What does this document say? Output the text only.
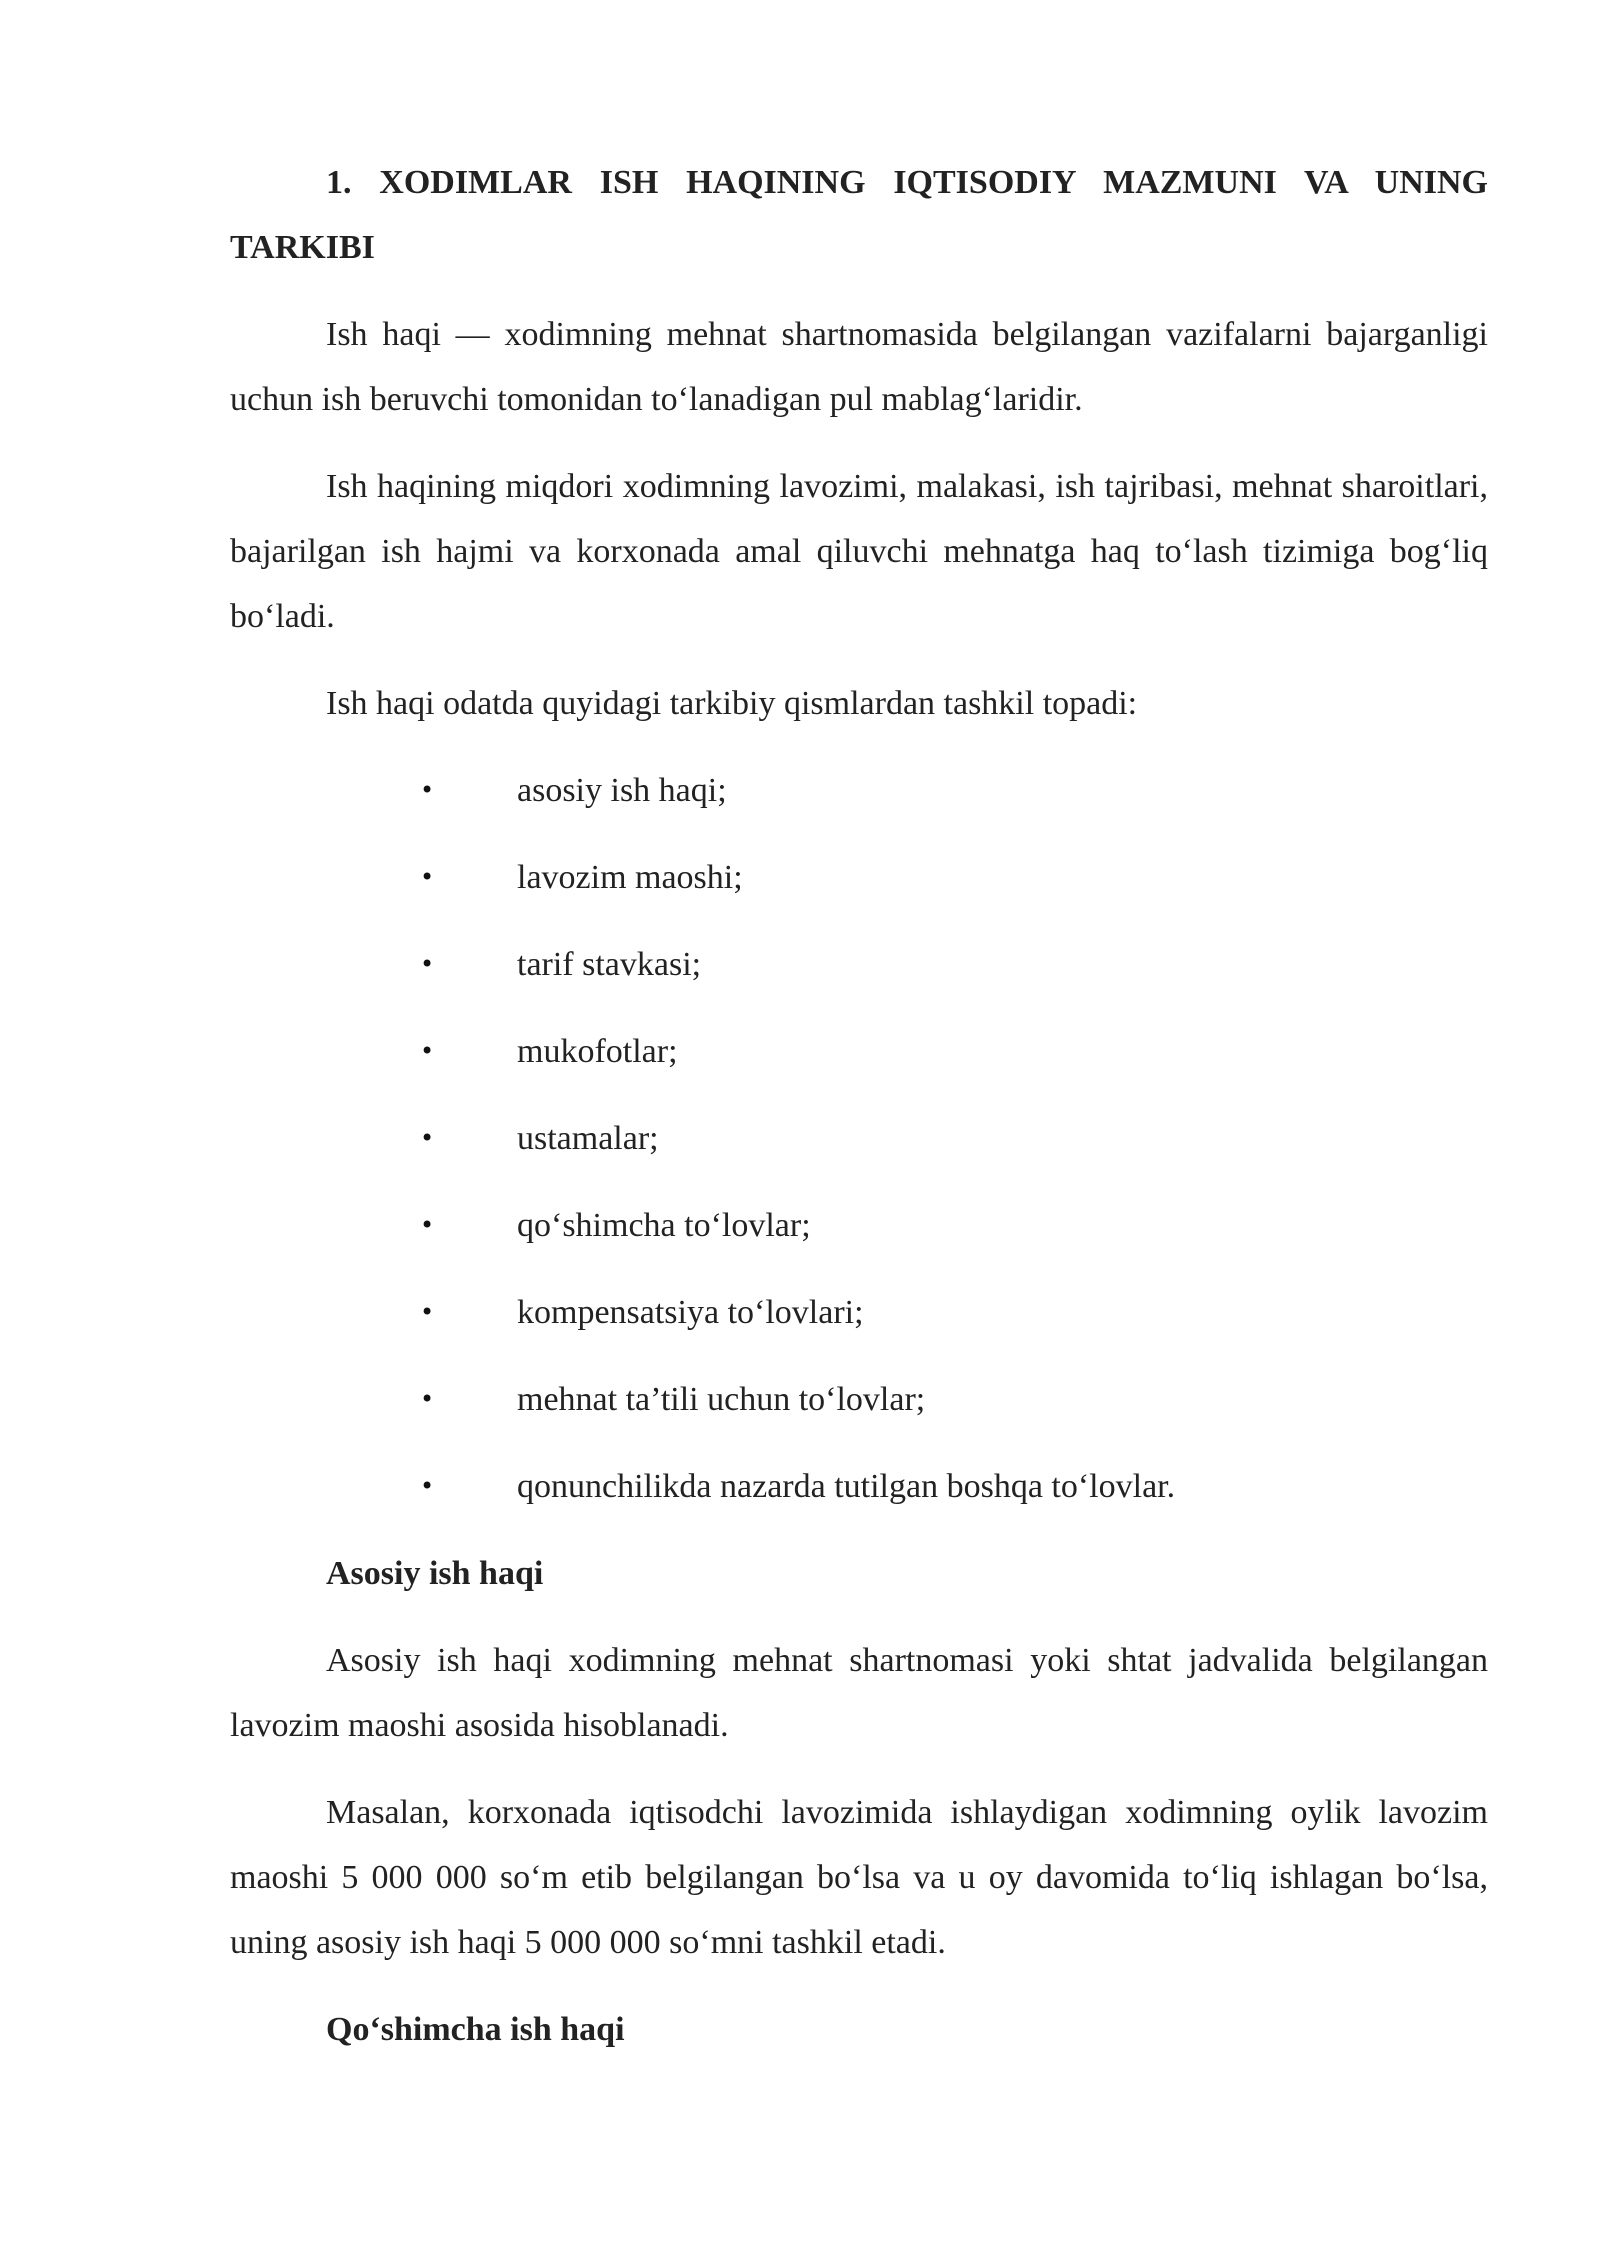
1. XODIMLAR ISH HAQINING IQTISODIY MAZMUNI VA UNING TARKIBI

Ish haqi — xodimning mehnat shartnomasida belgilangan vazifalarni bajarganligi uchun ish beruvchi tomonidan to‘lanadigan pul mablag‘laridir.

Ish haqining miqdori xodimning lavozimi, malakasi, ish tajribasi, mehnat sharoitlari, bajarilgan ish hajmi va korxonada amal qiluvchi mehnatga haq to‘lash tizimiga bog‘liq bo‘ladi.

Ish haqi odatda quyidagi tarkibiy qismlardan tashkil topadi:

•	asosiy ish haqi;
•	lavozim maoshi;
•	tarif stavkasi;
•	mukofotlar;
•	ustamalar;
•	qo‘shimcha to‘lovlar;
•	kompensatsiya to‘lovlari;
•	mehnat ta’tili uchun to‘lovlar;
•	qonunchilikda nazarda tutilgan boshqa to‘lovlar.

Asosiy ish haqi

Asosiy ish haqi xodimning mehnat shartnomasi yoki shtat jadvalida belgilangan lavozim maoshi asosida hisoblanadi.

Masalan, korxonada iqtisodchi lavozimida ishlaydigan xodimning oylik lavozim maoshi 5 000 000 so‘m etib belgilangan bo‘lsa va u oy davomida to‘liq ishlagan bo‘lsa, uning asosiy ish haqi 5 000 000 so‘mni tashkil etadi.

Qo‘shimcha ish haqi
